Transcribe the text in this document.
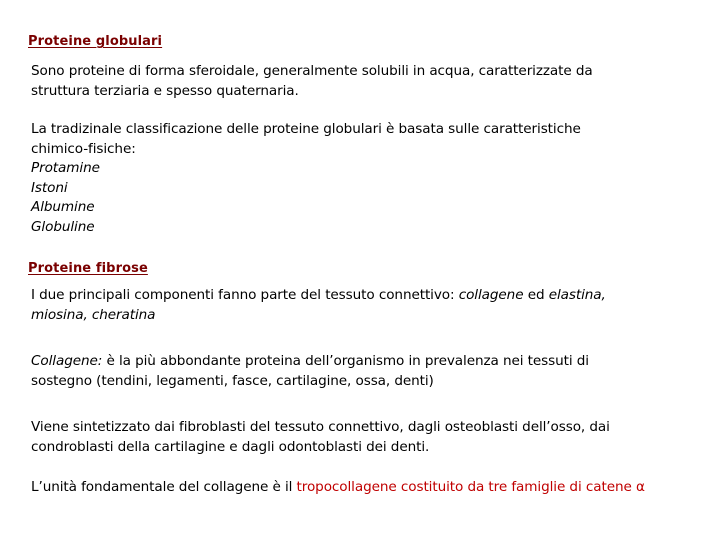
Proteine globulari
Sono proteine di forma sferoidale, generalmente solubili in acqua, caratterizzate da
struttura terziaria e spesso quaternaria.
La tradizinale classificazione delle proteine globulari è basata sulle caratteristiche
chimico-fisiche:
Protamine
Istoni
Albumine
Globuline
Proteine fibrose
I due principali componenti fanno parte del tessuto connettivo: collagene ed elastina,
miosina, cheratina
Collagene: è la più abbondante proteina dell’organismo in prevalenza nei tessuti di
sostegno (tendini, legamenti, fasce, cartilagine, ossa, denti)
Viene sintetizzato dai fibroblasti del tessuto connettivo, dagli osteoblasti dell’osso, dai
condroblasti della cartilagine e dagli odontoblasti dei denti.
L’unità fondamentale del collagene è il tropocollagene costituito da tre famiglie di catene α
